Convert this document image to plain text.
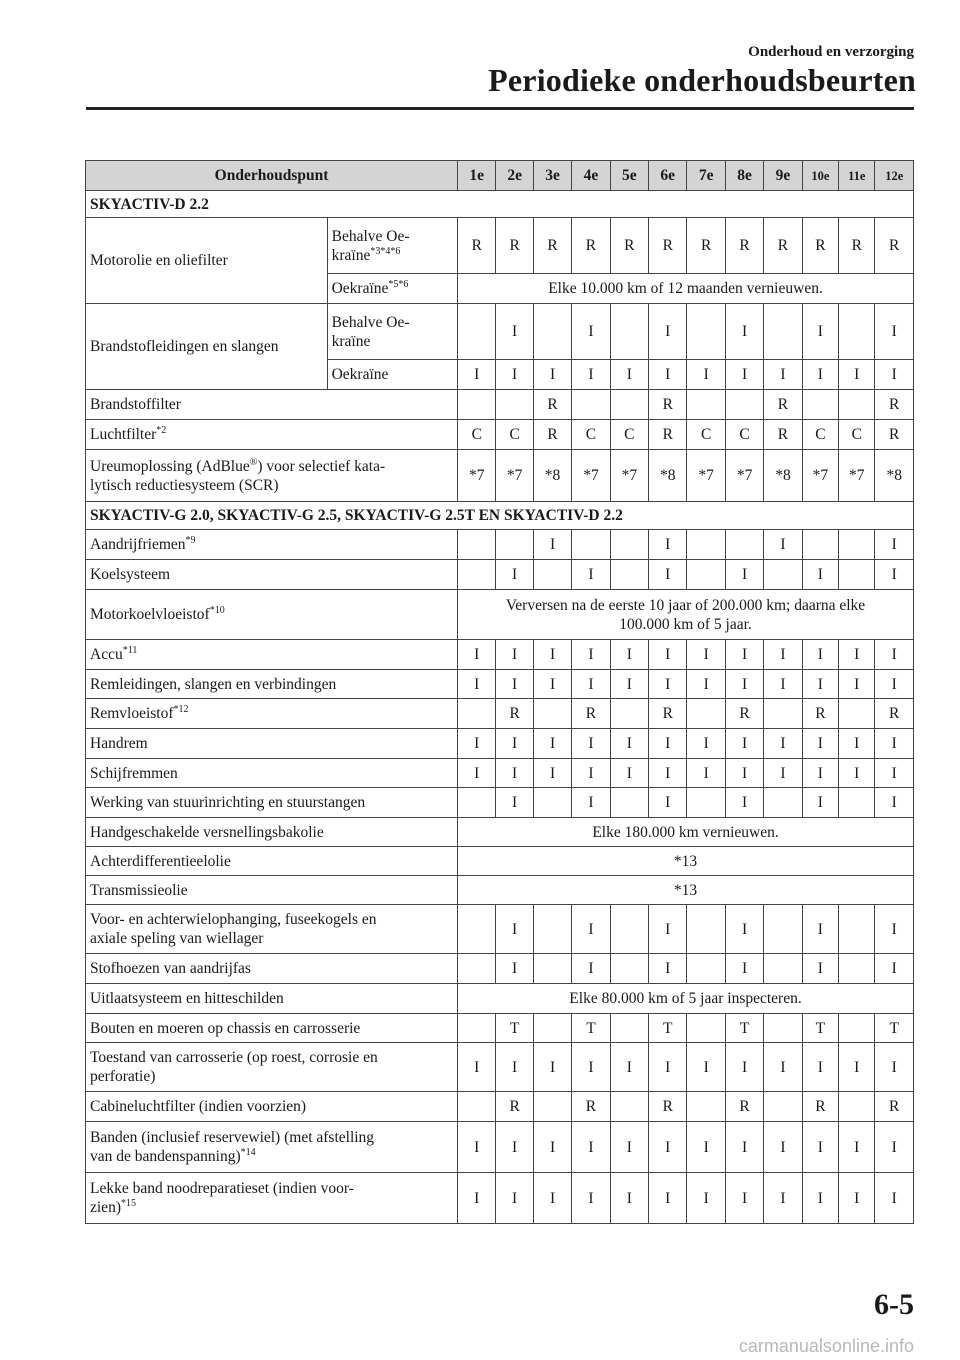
Onderhoud en verzorging
Periodieke onderhoudsbeurten
Onderhoudspunt		1e	2e	3e	4e	5e	6e	7e	8e	9e	10e	11e	12e
SKYACTIV-D 2.2													
Motorolie en oliefilter	Behalve Oe-
kraïne$^{*3*4*6}$	R	R	R	R	R	R	R	R	R	R	R	R
	Oekraïne$^{*5*6}$	Elke 10.000 km of 12 maanden vernieuwen.											
Brandstofleidingen en slangen	Behalve Oe-
kraïne		I		I		I		I		I		I
	Oekraïne	I	I	I	I	I	I	I	I	I	I	I	I
Brandstoffilter				R			R			R			R
Luchtfilter$^{*2}$		C	C	R	C	C	R	C	C	R	C	C	R
Ureumoplossing (AdBlue®) voor selectief kata-
lytisch reductiesysteem (SCR)		*7	*7	*8	*7	*7	*8	*7	*7	*8	*7	*7	*8
SKYACTIV-G 2.0, SKYACTIV-G 2.5, SKYACTIV-G 2.5T EN SKYACTIV-D 2.2													
Aandrijfriemen$^{*9}$				I			I			I			I
Koelsysteem			I		I		I		I		I		I
Motorkoelvloeistof$^{*10}$		Verversen na de eerste 10 jaar of 200.000 km; daarna elke
100.000 km of 5 jaar.											
Accu$^{*11}$		I	I	I	I	I	I	I	I	I	I	I	I
Remleidingen, slangen en verbindingen		I	I	I	I	I	I	I	I	I	I	I	I
Remvloeistof$^{*12}$			R		R		R		R		R		R
Handrem		I	I	I	I	I	I	I	I	I	I	I	I
Schijfremmen		I	I	I	I	I	I	I	I	I	I	I	I
Werking van stuurinrichting en stuurstangen			I		I		I		I		I		I
Handgeschakelde versnellingsbakolie		Elke 180.000 km vernieuwen.											
Achterdifferentieelolie		*13											
Transmissieolie		*13											
Voor- en achterwielophanging, fuseekogels en
axiale speling van wiellager			I		I		I		I		I		I
Stofhoezen van aandrijfas			I		I		I		I		I		I
Uitlaatsysteem en hitteschilden		Elke 80.000 km of 5 jaar inspecteren.											
Bouten en moeren op chassis en carrosserie			T		T		T		T		T		T
Toestand van carrosserie (op roest, corrosie en
perforatie)		I	I	I	I	I	I	I	I	I	I	I	I
Cabineluchtfilter (indien voorzien)			R		R		R		R		R		R
Banden (inclusief reservewiel) (met afstelling
van de bandenspanning)$^{*14}$		I	I	I	I	I	I	I	I	I	I	I	I
Lekke band noodreparatieset (indien voor-
zien)$^{*15}$		I	I	I	I	I	I	I	I	I	I	I	I
6-5
carmanualsonline.info
